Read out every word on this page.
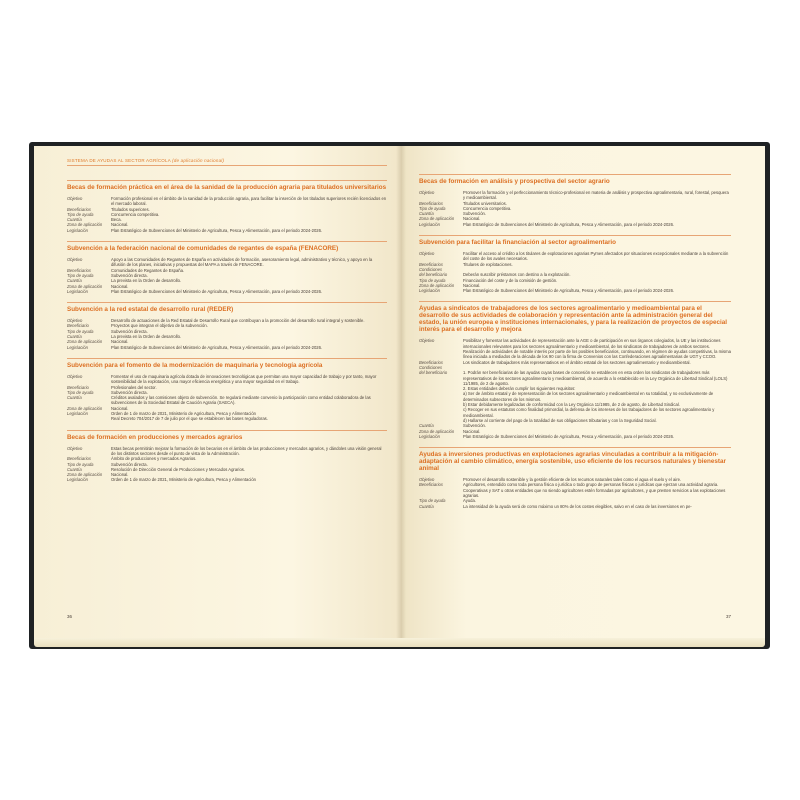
SISTEMA DE AYUDAS AL SECTOR AGRÍCOLA (de aplicación nacional)
Becas de formación práctica en el área de la sanidad de la producción agraria para titulados universitarios
Objetivo	Formación profesional en el ámbito de la sanidad de la producción agraria, para facilitar la inserción de los titulados superiores recién licenciados en el mercado laboral.
Beneficiarios	Titulados superiores.
Tipo de ayuda	Concurrencia competitiva.
Cuantía	Beca.
Zona de aplicación	Nacional.
Legislación	Plan Estratégico de Subvenciones del Ministerio de Agricultura, Pesca y Alimentación, para el periodo 2024-2026.
Subvención a la federación nacional de comunidades de regantes de españa (FENACORE)
Objetivo	Apoyo a las Comunidades de Regantes de España en actividades de formación, asesoramiento legal, administrativo y técnico, y apoyo en la difusión de los planes, iniciativas y propuestas del MAPA a través de FENACORE.
Beneficiarios	Comunidades de Regantes de España.
Tipo de ayuda	Subvención directa.
Cuantía	La prevista en la Orden de desarrollo.
Zona de aplicación	Nacional.
Legislación	Plan Estratégico de Subvenciones del Ministerio de Agricultura, Pesca y Alimentación, para el periodo 2024-2026.
Subvención a la red estatal de desarrollo rural (REDER)
Objetivo	Desarrollo de actuaciones de la Red Estatal de Desarrollo Rural que contribuyan a la promoción del desarrollo rural integral y sostenible.
Beneficiario	Proyectos que integran el objetivo de la subvención.
Tipo de ayuda	Subvención directa.
Cuantía	La prevista en la Orden de desarrollo.
Zona de aplicación	Nacional.
Legislación	Plan Estratégico de Subvenciones del Ministerio de Agricultura, Pesca y Alimentación, para el periodo 2024-2026.
Subvención para el fomento de la modernización de maquinaria y tecnología agrícola
Objetivo	Fomentar el uso de maquinaria agrícola dotada de innovaciones tecnológicas que permitan una mayor capacidad de trabajo y por tanto, mayor sostenibilidad de la explotación, una mayor eficiencia energética y una mayor seguridad en el trabajo.
Beneficiario	Profesionales del sector.
Tipo de ayuda	Subvención directa.
Cuantía	Créditos avalados y las comisiones objeto de subvención. Se regulará mediante convenio la participación como entidad colaboradora de las subvenciones de la Sociedad Estatal de Caución Agraria (SAECA).
Zona de aplicación	Nacional.
Legislación	Orden de 1 de marzo de 2021, Ministerio de Agricultura, Pesca y Alimentación
Real Decreto 704/2017 de 7 de julio por el que se establecen las bases reguladoras.
Becas de formación en producciones y mercados agrarios
Objetivo	Estas becas permitirán mejorar la formación de los becarios en el ámbito de las producciones y mercados agrarios, y dándoles una visión general de los distintos sectores desde el punto de vista de la Administración.
Beneficiarios	Ámbito de producciones y mercados Agrarios.
Tipo de ayuda	Subvención directa.
Cuantía	Resolución de Dirección General de Producciones y Mercados Agrarios.
Zona de aplicación	Nacional.
Legislación	Orden de 1 de marzo de 2021, Ministerio de Agricultura, Pesca y Alimentación
36
Becas de formación en análisis y prospectiva del sector agrario
Objetivo	Promover la formación y el perfeccionamiento técnico-profesional en materia de análisis y prospectiva agroalimentaria, rural, forestal, pesquera y medioambiental.
Beneficiarios	Titulados universitarios.
Tipo de ayuda	Concurrencia competitiva.
Cuantía	Subvención.
Zona de aplicación	Nacional.
Legislación	Plan Estratégico de Subvenciones del Ministerio de Agricultura, Pesca y Alimentación, para el periodo 2024-2026.
Subvención para facilitar la financiación al sector agroalimentario
Objetivo	Facilitar el acceso al crédito a los titulares de explotaciones agrarias Pymes afectados por situaciones excepcionales mediante a la subvención del coste de los avales necesarios.
Beneficiarios	Titulares de explotaciones.
Condiciones
del beneficiario	Deberán suscribir préstamos con destino a la explotación.
Tipo de ayuda	Financiación del coste y de la comisión de gestión.
Zona de aplicación	Nacional.
Legislación	Plan Estratégico de Subvenciones del Ministerio de Agricultura, Pesca y Alimentación, para el periodo 2024-2026.
Ayudas a sindicatos de trabajadores de los sectores agroalimentario y medioambiental para el desarrollo de sus actividades de colaboración y representación ante la administración general del estado, la unión europea e instituciones internacionales, y para la realización de proyectos de especial interés para el desarrollo y mejora
Objetivo	Posibilitar y fomentar las actividades de representación ante la AGE o de participación en sus órganos colegiados, la UE y las instituciones internacionales relevantes para los sectores agroalimentario y medioambiental, de los sindicatos de trabajadores de ambos sectores.
Realización de actividades de notable interés por parte de los posibles beneficiarios, continuando, en régimen de ayudas competitivas, la misma línea iniciada a mediados de la década de los 90 con la firma de Convenios con las Confederaciones agroalimentarias de UGT y CCOO.
Beneficiarios	Los sindicatos de trabajadores más representativos en el ámbito estatal de los sectores agroalimentario y medioambiental.
Condiciones
del beneficiario	1. Podrán ser beneficiarias de las ayudas cuyas bases de concesión se establecen en esta orden los sindicatos de trabajadores más representativos de los sectores agroalimentario y medioambiental, de acuerdo a lo establecido en la Ley Orgánica de Libertad Sindical (LOLS) 11/1985, de 2 de agosto.
2. Estas entidades deberán cumplir los siguientes requisitos:
a) Ser de ámbito estatal y de representación de los sectores agroalimentario y medioambiental en su totalidad, y no exclusivamente de determinados subsectores de los mismos.
b) Estar debidamente legalizadas de conformidad con la Ley Orgánica 11/1985, de 2 de agosto, de Libertad Sindical.
c) Recoger en sus estatutos como finalidad primordial, la defensa de los intereses de los trabajadores de los sectores agroalimentario y medioambiental.
d) Hallarse al corriente del pago de la totalidad de sus obligaciones tributarias y con la Seguridad Social.
Cuantía	Subvención.
Zona de aplicación	Nacional.
Legislación	Plan Estratégico de Subvenciones del Ministerio de Agricultura, Pesca y Alimentación, para el periodo 2024-2026.
Ayudas a inversiones productivas en explotaciones agrarias vinculadas a contribuir a la mitigación-adaptación al cambio climático, energía sostenible, uso eficiente de los recursos naturales y bienestar animal
Objetivo	Promover el desarrollo sostenible y la gestión eficiente de los recursos naturales tales como el agua el suelo y el aire.
Beneficiarios	Agricultores, entendido como toda persona física o jurídica o todo grupo de personas físicas o jurídicas que ejerzan una actividad agraria. Cooperativas y SAT u otras entidades que no siendo agricultores estén formadas por agricultores, y que presten servicios a las explotaciones agrarias.
Tipo de ayuda	Ayuda.
Cuantía	La intensidad de la ayuda será de como máximo un 80% de los costes elegibles, salvo en el caso de las inversiones en pe-
37
